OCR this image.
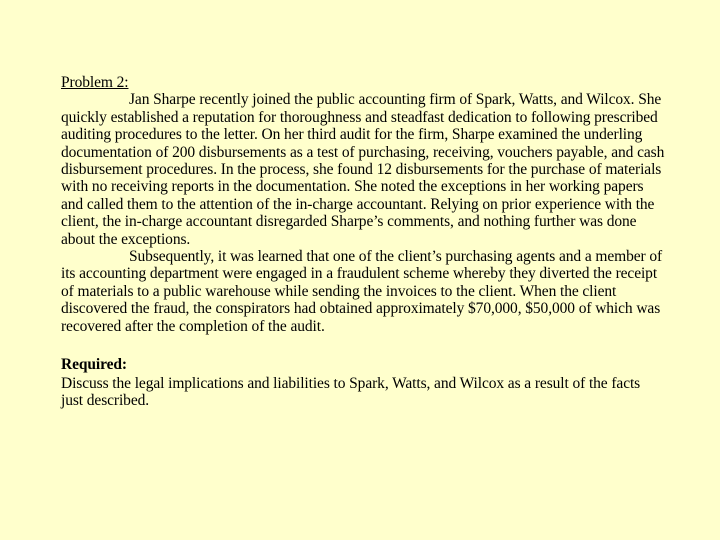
Problem 2:

Jan Sharpe recently joined the public accounting firm of Spark, Watts, and Wilcox. She quickly established a reputation for thoroughness and steadfast dedication to following prescribed auditing procedures to the letter. On her third audit for the firm, Sharpe examined the underling documentation of 200 disbursements as a test of purchasing, receiving, vouchers payable, and cash disbursement procedures. In the process, she found 12 disbursements for the purchase of materials with no receiving reports in the documentation. She noted the exceptions in her working papers and called them to the attention of the in-charge accountant. Relying on prior experience with the client, the in-charge accountant disregarded Sharpe’s comments, and nothing further was done about the exceptions.

Subsequently, it was learned that one of the client’s purchasing agents and a member of its accounting department were engaged in a fraudulent scheme whereby they diverted the receipt of materials to a public warehouse while sending the invoices to the client. When the client discovered the fraud, the conspirators had obtained approximately $70,000, $50,000 of which was recovered after the completion of the audit.

Required:

Discuss the legal implications and liabilities to Spark, Watts, and Wilcox as a result of the facts just described.
